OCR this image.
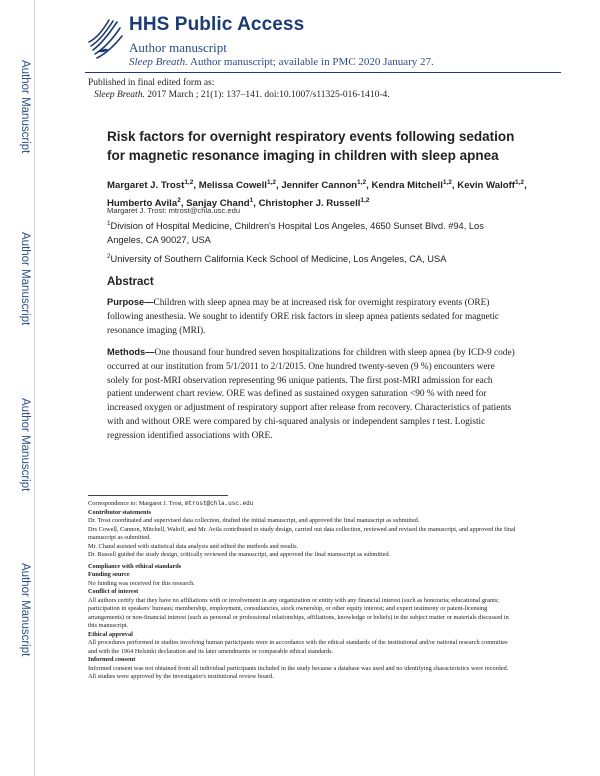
Author Manuscript
Author Manuscript
Author Manuscript
Author Manuscript
HHS Public Access
Author manuscript
Sleep Breath. Author manuscript; available in PMC 2020 January 27.
Published in final edited form as:
Sleep Breath. 2017 March ; 21(1): 137–141. doi:10.1007/s11325-016-1410-4.
Risk factors for overnight respiratory events following sedation for magnetic resonance imaging in children with sleep apnea
Margaret J. Trost$^{1,2}$, Melissa Cowell$^{1,2}$, Jennifer Cannon$^{1,2}$, Kendra Mitchell$^{1,2}$, Kevin Waloff$^{1,2}$, Humberto Avila$^2$, Sanjay Chand$^1$, Christopher J. Russell$^{1,2}$
Margaret J. Trost: mtrost@chla.usc.edu
$^1$Division of Hospital Medicine, Children's Hospital Los Angeles, 4650 Sunset Blvd. #94, Los Angeles, CA 90027, USA
$^2$University of Southern California Keck School of Medicine, Los Angeles, CA, USA
Abstract
Purpose—Children with sleep apnea may be at increased risk for overnight respiratory events (ORE) following anesthesia. We sought to identify ORE risk factors in sleep apnea patients sedated for magnetic resonance imaging (MRI).
Methods—One thousand four hundred seven hospitalizations for children with sleep apnea (by ICD-9 code) occurred at our institution from 5/1/2011 to 2/1/2015. One hundred twenty-seven (9 %) encounters were solely for post-MRI observation representing 96 unique patients. The first post-MRI admission for each patient underwent chart review. ORE was defined as sustained oxygen saturation <90 % with need for increased oxygen or adjustment of respiratory support after release from recovery. Characteristics of patients with and without ORE were compared by chi-squared analysis or independent samples t test. Logistic regression identified associations with ORE.

Correspondence to: Margaret J. Trost, mtrost@chla.usc.edu

Contributor statements

Dr. Trost coordinated and supervised data collection, drafted the initial manuscript, and approved the final manuscript as submitted.

Drs Cowell, Cannon, Mitchell, Waloff, and Mr. Avila contributed to study design, carried out data collection, reviewed and revised the manuscript, and approved the final manuscript as submitted.

Mr. Chand assisted with statistical data analysis and edited the methods and results.

Dr. Russell guided the study design, critically reviewed the manuscript, and approved the final manuscript as submitted.

Compliance with ethical standards

Funding source

No funding was received for this research.

Conflict of interest

All authors certify that they have no affiliations with or involvement in any organization or entity with any financial interest (such as honoraria; educational grants; participation in speakers' bureaus; membership, employment, consultancies, stock ownership, or other equity interest; and expert testimony or patent-licensing arrangements) or non-financial interest (such as personal or professional relationships, affiliations, knowledge or beliefs) in the subject matter or materials discussed in this manuscript.

Ethical approval

All procedures performed in studies involving human participants were in accordance with the ethical standards of the institutional and/or national research committee and with the 1964 Helsinki declaration and its later amendments or comparable ethical standards.

Informed consent

Informed consent was not obtained from all individual participants included in the study because a database was used and no identifying characteristics were recorded. All studies were approved by the investigator's institutional review board.
